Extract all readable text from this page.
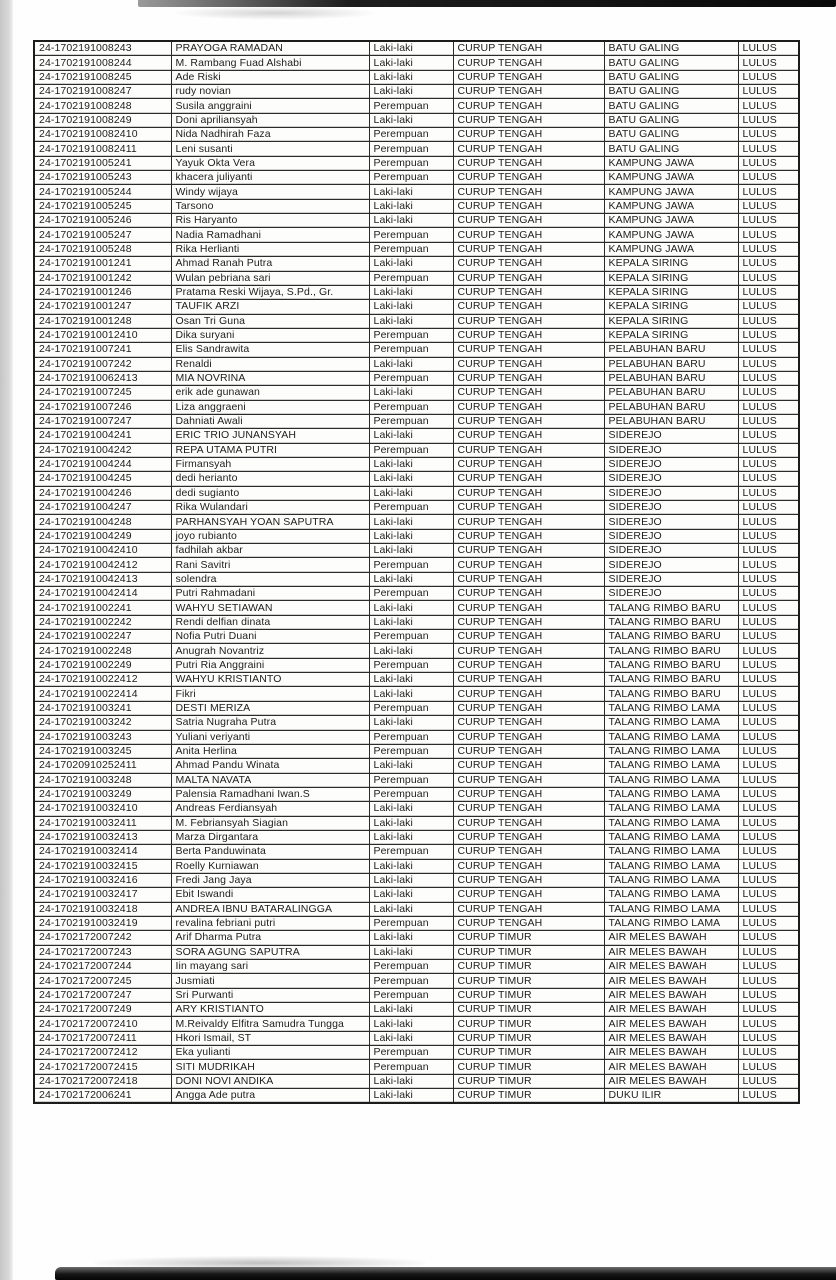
24-1702191008243	PRAYOGA RAMADAN	Laki-laki	CURUP TENGAH	BATU GALING	LULUS
24-1702191008244	M. Rambang Fuad Alshabi	Laki-laki	CURUP TENGAH	BATU GALING	LULUS
24-1702191008245	Ade Riski	Laki-laki	CURUP TENGAH	BATU GALING	LULUS
24-1702191008247	rudy novian	Laki-laki	CURUP TENGAH	BATU GALING	LULUS
24-1702191008248	Susila anggraini	Perempuan	CURUP TENGAH	BATU GALING	LULUS
24-1702191008249	Doni apriliansyah	Laki-laki	CURUP TENGAH	BATU GALING	LULUS
24-17021910082410	Nida Nadhirah Faza	Perempuan	CURUP TENGAH	BATU GALING	LULUS
24-17021910082411	Leni susanti	Perempuan	CURUP TENGAH	BATU GALING	LULUS
24-1702191005241	Yayuk Okta Vera	Perempuan	CURUP TENGAH	KAMPUNG JAWA	LULUS
24-1702191005243	khacera juliyanti	Perempuan	CURUP TENGAH	KAMPUNG JAWA	LULUS
24-1702191005244	Windy wijaya	Laki-laki	CURUP TENGAH	KAMPUNG JAWA	LULUS
24-1702191005245	Tarsono	Laki-laki	CURUP TENGAH	KAMPUNG JAWA	LULUS
24-1702191005246	Ris Haryanto	Laki-laki	CURUP TENGAH	KAMPUNG JAWA	LULUS
24-1702191005247	Nadia Ramadhani	Perempuan	CURUP TENGAH	KAMPUNG JAWA	LULUS
24-1702191005248	Rika Herlianti	Perempuan	CURUP TENGAH	KAMPUNG JAWA	LULUS
24-1702191001241	Ahmad Ranah Putra	Laki-laki	CURUP TENGAH	KEPALA SIRING	LULUS
24-1702191001242	Wulan pebriana sari	Perempuan	CURUP TENGAH	KEPALA SIRING	LULUS
24-1702191001246	Pratama Reski Wijaya, S.Pd., Gr.	Laki-laki	CURUP TENGAH	KEPALA SIRING	LULUS
24-1702191001247	TAUFIK ARZI	Laki-laki	CURUP TENGAH	KEPALA SIRING	LULUS
24-1702191001248	Osan Tri Guna	Laki-laki	CURUP TENGAH	KEPALA SIRING	LULUS
24-17021910012410	Dika suryani	Perempuan	CURUP TENGAH	KEPALA SIRING	LULUS
24-1702191007241	Elis Sandrawita	Perempuan	CURUP TENGAH	PELABUHAN BARU	LULUS
24-1702191007242	Renaldi	Laki-laki	CURUP TENGAH	PELABUHAN BARU	LULUS
24-17021910062413	MIA NOVRINA	Perempuan	CURUP TENGAH	PELABUHAN BARU	LULUS
24-1702191007245	erik ade gunawan	Laki-laki	CURUP TENGAH	PELABUHAN BARU	LULUS
24-1702191007246	Liza anggraeni	Perempuan	CURUP TENGAH	PELABUHAN BARU	LULUS
24-1702191007247	Dahniati Awali	Perempuan	CURUP TENGAH	PELABUHAN BARU	LULUS
24-1702191004241	ERIC TRIO JUNANSYAH	Laki-laki	CURUP TENGAH	SIDEREJO	LULUS
24-1702191004242	REPA UTAMA PUTRI	Perempuan	CURUP TENGAH	SIDEREJO	LULUS
24-1702191004244	Firmansyah	Laki-laki	CURUP TENGAH	SIDEREJO	LULUS
24-1702191004245	dedi herianto	Laki-laki	CURUP TENGAH	SIDEREJO	LULUS
24-1702191004246	dedi sugianto	Laki-laki	CURUP TENGAH	SIDEREJO	LULUS
24-1702191004247	Rika Wulandari	Perempuan	CURUP TENGAH	SIDEREJO	LULUS
24-1702191004248	PARHANSYAH YOAN SAPUTRA	Laki-laki	CURUP TENGAH	SIDEREJO	LULUS
24-1702191004249	joyo rubianto	Laki-laki	CURUP TENGAH	SIDEREJO	LULUS
24-17021910042410	fadhilah akbar	Laki-laki	CURUP TENGAH	SIDEREJO	LULUS
24-17021910042412	Rani Savitri	Perempuan	CURUP TENGAH	SIDEREJO	LULUS
24-17021910042413	solendra	Laki-laki	CURUP TENGAH	SIDEREJO	LULUS
24-17021910042414	Putri Rahmadani	Perempuan	CURUP TENGAH	SIDEREJO	LULUS
24-1702191002241	WAHYU SETIAWAN	Laki-laki	CURUP TENGAH	TALANG RIMBO BARU	LULUS
24-1702191002242	Rendi delfian dinata	Laki-laki	CURUP TENGAH	TALANG RIMBO BARU	LULUS
24-1702191002247	Nofia Putri Duani	Perempuan	CURUP TENGAH	TALANG RIMBO BARU	LULUS
24-1702191002248	Anugrah Novantriz	Laki-laki	CURUP TENGAH	TALANG RIMBO BARU	LULUS
24-1702191002249	Putri Ria Anggraini	Perempuan	CURUP TENGAH	TALANG RIMBO BARU	LULUS
24-17021910022412	WAHYU KRISTIANTO	Laki-laki	CURUP TENGAH	TALANG RIMBO BARU	LULUS
24-17021910022414	Fikri	Laki-laki	CURUP TENGAH	TALANG RIMBO BARU	LULUS
24-1702191003241	DESTI MERIZA	Perempuan	CURUP TENGAH	TALANG RIMBO LAMA	LULUS
24-1702191003242	Satria Nugraha Putra	Laki-laki	CURUP TENGAH	TALANG RIMBO LAMA	LULUS
24-1702191003243	Yuliani veriyanti	Perempuan	CURUP TENGAH	TALANG RIMBO LAMA	LULUS
24-1702191003245	Anita Herlina	Perempuan	CURUP TENGAH	TALANG RIMBO LAMA	LULUS
24-17020910252411	Ahmad Pandu Winata	Laki-laki	CURUP TENGAH	TALANG RIMBO LAMA	LULUS
24-1702191003248	MALTA NAVATA	Perempuan	CURUP TENGAH	TALANG RIMBO LAMA	LULUS
24-1702191003249	Palensia Ramadhani Iwan.S	Perempuan	CURUP TENGAH	TALANG RIMBO LAMA	LULUS
24-17021910032410	Andreas Ferdiansyah	Laki-laki	CURUP TENGAH	TALANG RIMBO LAMA	LULUS
24-17021910032411	M. Febriansyah Siagian	Laki-laki	CURUP TENGAH	TALANG RIMBO LAMA	LULUS
24-17021910032413	Marza Dirgantara	Laki-laki	CURUP TENGAH	TALANG RIMBO LAMA	LULUS
24-17021910032414	Berta Panduwinata	Perempuan	CURUP TENGAH	TALANG RIMBO LAMA	LULUS
24-17021910032415	Roelly Kurniawan	Laki-laki	CURUP TENGAH	TALANG RIMBO LAMA	LULUS
24-17021910032416	Fredi Jang Jaya	Laki-laki	CURUP TENGAH	TALANG RIMBO LAMA	LULUS
24-17021910032417	Ebit Iswandi	Laki-laki	CURUP TENGAH	TALANG RIMBO LAMA	LULUS
24-17021910032418	ANDREA IBNU BATARALINGGA	Laki-laki	CURUP TENGAH	TALANG RIMBO LAMA	LULUS
24-17021910032419	revalina febriani putri	Perempuan	CURUP TENGAH	TALANG RIMBO LAMA	LULUS
24-1702172007242	Arif Dharma Putra	Laki-laki	CURUP TIMUR	AIR MELES BAWAH	LULUS
24-1702172007243	SORA AGUNG SAPUTRA	Laki-laki	CURUP TIMUR	AIR MELES BAWAH	LULUS
24-1702172007244	Iin mayang sari	Perempuan	CURUP TIMUR	AIR MELES BAWAH	LULUS
24-1702172007245	Jusmiati	Perempuan	CURUP TIMUR	AIR MELES BAWAH	LULUS
24-1702172007247	Sri Purwanti	Perempuan	CURUP TIMUR	AIR MELES BAWAH	LULUS
24-1702172007249	ARY KRISTIANTO	Laki-laki	CURUP TIMUR	AIR MELES BAWAH	LULUS
24-17021720072410	M.Reivaldy Elfitra Samudra Tungga	Laki-laki	CURUP TIMUR	AIR MELES BAWAH	LULUS
24-17021720072411	Hkori Ismail, ST	Laki-laki	CURUP TIMUR	AIR MELES BAWAH	LULUS
24-17021720072412	Eka yulianti	Perempuan	CURUP TIMUR	AIR MELES BAWAH	LULUS
24-17021720072415	SITI MUDRIKAH	Perempuan	CURUP TIMUR	AIR MELES BAWAH	LULUS
24-17021720072418	DONI NOVI ANDIKA	Laki-laki	CURUP TIMUR	AIR MELES BAWAH	LULUS
24-1702172006241	Angga Ade putra	Laki-laki	CURUP TIMUR	DUKU ILIR	LULUS
